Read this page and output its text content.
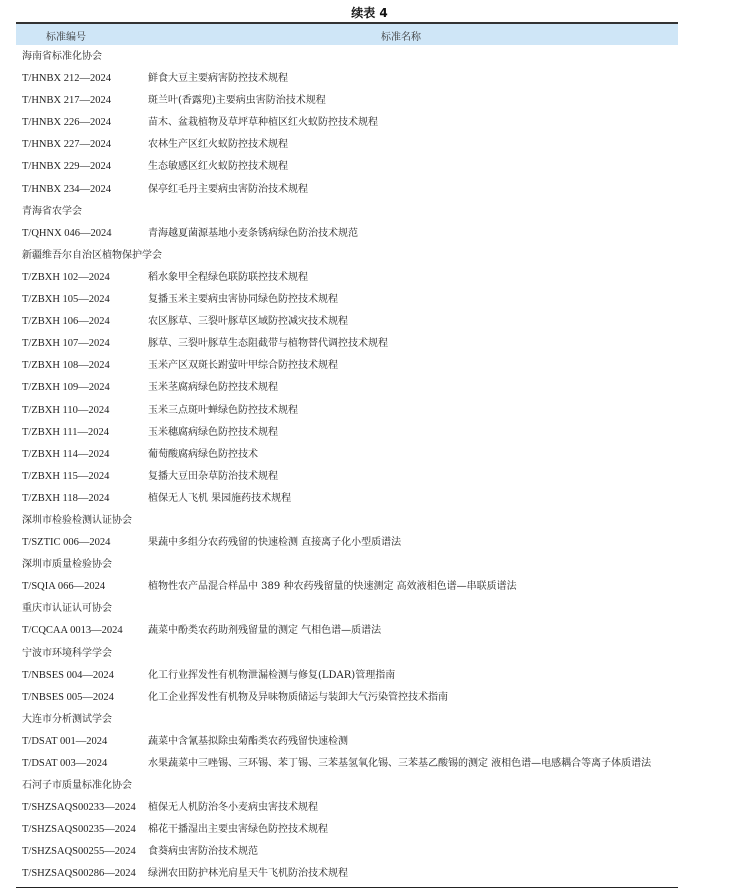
续表 4
标准编号	标准名称
海南省标准化协会
T/HNBX 212—2024	鲜食大豆主要病害防控技术规程
T/HNBX 217—2024	斑兰叶(香露兜)主要病虫害防治技术规程
T/HNBX 226—2024	苗木、盆栽植物及草坪草种植区红火蚁防控技术规程
T/HNBX 227—2024	农林生产区红火蚁防控技术规程
T/HNBX 229—2024	生态敏感区红火蚁防控技术规程
T/HNBX 234—2024	保亭红毛丹主要病虫害防治技术规程
青海省农学会
T/QHNX 046—2024	青海越夏菌源基地小麦条锈病绿色防治技术规范
新疆维吾尔自治区植物保护学会
T/ZBXH 102—2024	稻水象甲全程绿色联防联控技术规程
T/ZBXH 105—2024	复播玉米主要病虫害协同绿色防控技术规程
T/ZBXH 106—2024	农区豚草、三裂叶豚草区域防控减灾技术规程
T/ZBXH 107—2024	豚草、三裂叶豚草生态阻截带与植物替代调控技术规程
T/ZBXH 108—2024	玉米产区双斑长跗萤叶甲综合防控技术规程
T/ZBXH 109—2024	玉米茎腐病绿色防控技术规程
T/ZBXH 110—2024	玉米三点斑叶蝉绿色防控技术规程
T/ZBXH 111—2024	玉米穗腐病绿色防控技术规程
T/ZBXH 114—2024	葡萄酸腐病绿色防控技术
T/ZBXH 115—2024	复播大豆田杂草防治技术规程
T/ZBXH 118—2024	植保无人飞机 果园施药技术规程
深圳市检验检测认证协会
T/SZTIC 006—2024	果蔬中多组分农药残留的快速检测 直接离子化小型质谱法
深圳市质量检验协会
T/SQIA 066—2024	植物性农产品混合样品中 389 种农药残留量的快速测定 高效液相色谱—串联质谱法
重庆市认证认可协会
T/CQCAA 0013—2024	蔬菜中酚类农药助剂残留量的测定 气相色谱—质谱法
宁波市环境科学学会
T/NBSES 004—2024	化工行业挥发性有机物泄漏检测与修复(LDAR)管理指南
T/NBSES 005—2024	化工企业挥发性有机物及异味物质储运与装卸大气污染管控技术指南
大连市分析测试学会
T/DSAT 001—2024	蔬菜中含氰基拟除虫菊酯类农药残留快速检测
T/DSAT 003—2024	水果蔬菜中三唑锡、三环锡、苯丁锡、三苯基氢氧化锡、三苯基乙酸锡的测定 液相色谱—电感耦合等离子体质谱法
石河子市质量标准化协会
T/SHZSAQS00233—2024 植保无人机防治冬小麦病虫害技术规程
T/SHZSAQS00235—2024 棉花干播湿出主要虫害绿色防控技术规程
T/SHZSAQS00255—2024 食葵病虫害防治技术规范
T/SHZSAQS00286—2024 绿洲农田防护林光肩星天牛飞机防治技术规程
